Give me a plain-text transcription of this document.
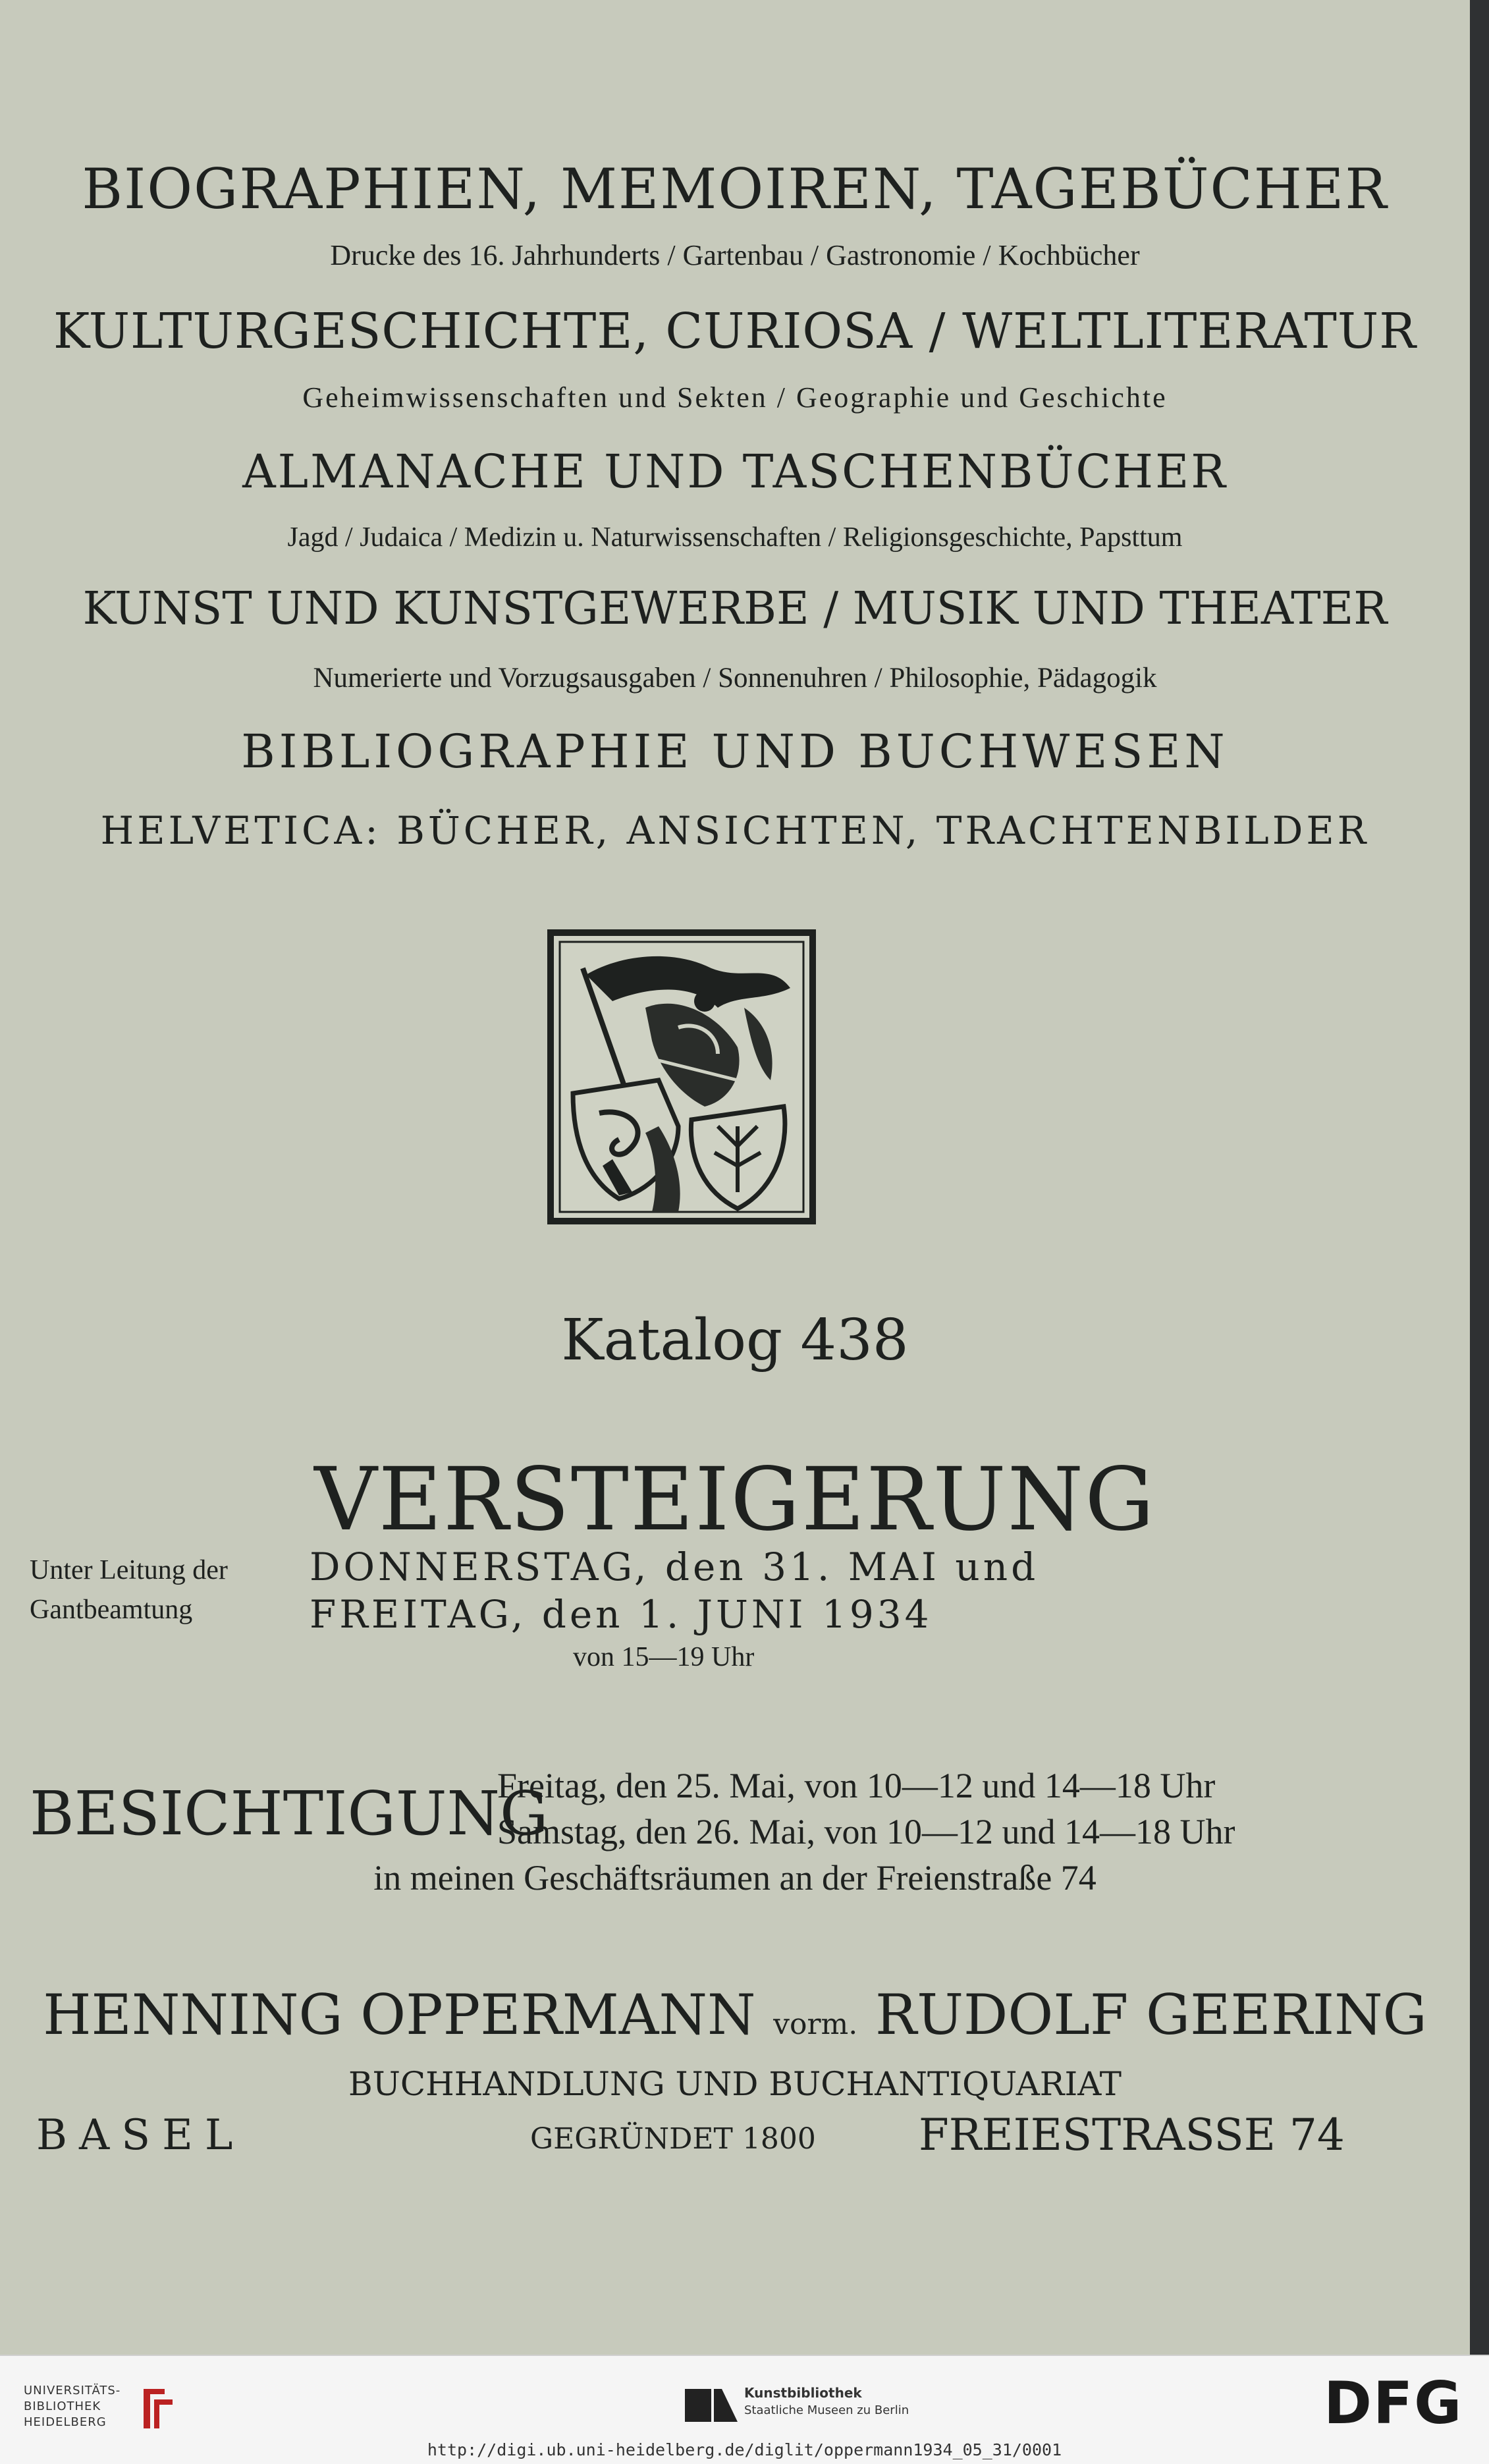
BIOGRAPHIEN, MEMOIREN, TAGEBÜCHER
Drucke des 16. Jahrhunderts / Gartenbau / Gastronomie / Kochbücher
KULTURGESCHICHTE, CURIOSA / WELTLITERATUR
Geheimwissenschaften und Sekten / Geographie und Geschichte
ALMANACHE UND TASCHENBÜCHER
Jagd / Judaica / Medizin u. Naturwissenschaften / Religionsgeschichte, Papsttum
KUNST UND KUNSTGEWERBE / MUSIK UND THEATER
Numerierte und Vorzugsausgaben / Sonnenuhren / Philosophie, Pädagogik
BIBLIOGRAPHIE UND BUCHWESEN
HELVETICA: BÜCHER, ANSICHTEN, TRACHTENBILDER
Katalog 438
VERSTEIGERUNG
Unter Leitung der
Gantbeamtung
DONNERSTAG, den 31. MAI und
FREITAG, den 1. JUNI 1934
von 15—19 Uhr
BESICHTIGUNG
Freitag, den 25. Mai, von 10—12 und 14—18 Uhr
Samstag, den 26. Mai, von 10—12 und 14—18 Uhr
in meinen Geschäftsräumen an der Freienstraße 74
HENNING OPPERMANN vorm. RUDOLF GEERING
BUCHHANDLUNG UND BUCHANTIQUARIAT
BASEL	GEGRÜNDET 1800 FREIESTRASSE 74
UNIVERSITÄTS-
BIBLIOTHEK
HEIDELBERG
Kunstbibliothek
Staatliche Museen zu Berlin	DFG
http://digi.ub.uni-heidelberg.de/diglit/oppermann1934_05_31/0001
